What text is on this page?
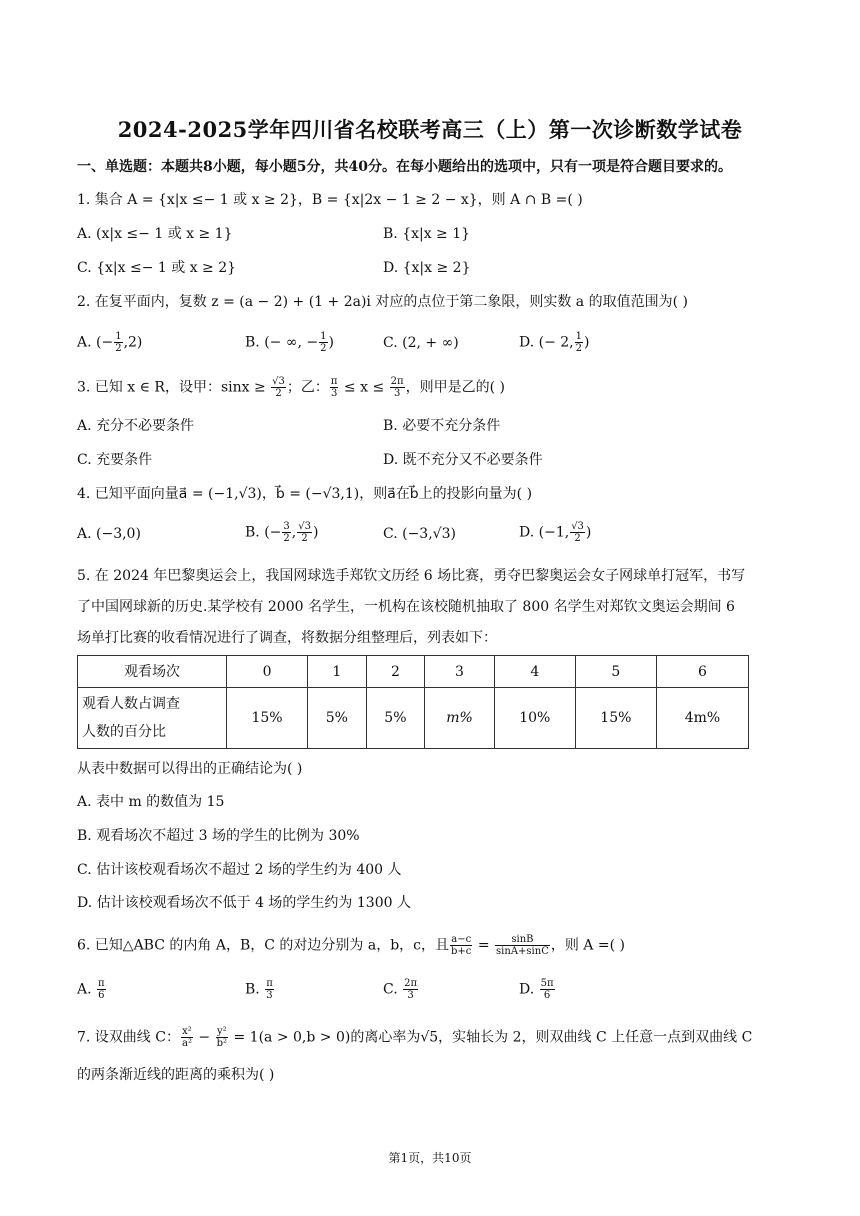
2024-2025学年四川省名校联考高三（上）第一次诊断数学试卷
一、单选题：本题共8小题，每小题5分，共40分。在每小题给出的选项中，只有一项是符合题目要求的。
1. 集合 A = {x|x ≤− 1 或 x ≥ 2}，B = {x|2x − 1 ≥ 2 − x}，则 A ∩ B =( )
A. (x|x ≤− 1 或 x ≥ 1}	B. {x|x ≥ 1}
C. {x|x ≤− 1 或 x ≥ 2}	D. {x|x ≥ 2}
2. 在复平面内，复数 z = (a − 2) + (1 + 2a)i 对应的点位于第二象限，则实数 a 的取值范围为( )
A. (− $\frac{1}{2} ,2$)	B. (− ∞, − $\frac{1}{2}$ )	C. (2, + ∞)	D. (− 2, $\frac{1}{2}$ )
3. 已知 x ∈ R，设甲：$\sin x \ge \frac{√3}{2}$ ；乙： $\frac{\pi}{3} \le x \le \frac{2\pi}{3}$ ，则甲是乙的( )
A. 充分不必要条件	B. 必要不充分条件
C. 充要条件	D. 既不充分又不必要条件
4. 已知平面向量a⃗ = (−1,√3)，b⃗ = (−√3,1)，则a⃗在b⃗上的投影向量为( )
A. (−3,0)	B. (− $\frac{3}{2}$ , $\frac{√3}{2}$ )	C. (−3,√3)	D. (−1, $\frac{√3}{2}$ )
5. 在 2024 年巴黎奥运会上，我国网球选手郑钦文历经 6 场比赛，勇夺巴黎奥运会女子网球单打冠军，书写
了中国网球新的历史.某学校有 2000 名学生，一机构在该校随机抽取了 800 名学生对郑钦文奥运会期间 6
场单打比赛的收看情况进行了调查，将数据分组整理后，列表如下：
观看场次	0	1	2	3	4	5	6

观看人数占调查
人数的百分比	15%	5%	5%	m%	10%	15%	4m%
从表中数据可以得出的正确结论为( )
A. 表中 m 的数值为 15
B. 观看场次不超过 3 场的学生的比例为 30%
C. 估计该校观看场次不超过 2 场的学生约为 400 人
D. 估计该校观看场次不低于 4 场的学生约为 1300 人
6. 已知△ABC 的内角 A，B，C 的对边分别为 a，b，c，且 $\frac{a-c}{b+c} = \frac{\sin B}{\sin A+\sin C}$ ，则 A =( )
A. $\frac{\pi}{6}$	B. $\frac{\pi}{3}$	C. $\frac{2\pi}{3}$	D. $\frac{5\pi}{6}$
7. 设双曲线 C： $\frac{\text{x²}}{\text{a²}} - \frac{\text{y²}}{\text{b²}} = 1(a > 0,b > 0)$的离心率为√5，实轴长为 2，则双曲线 C 上任意一点到双曲线 C
的两条渐近线的距离的乘积为( )
第1页，共10页
